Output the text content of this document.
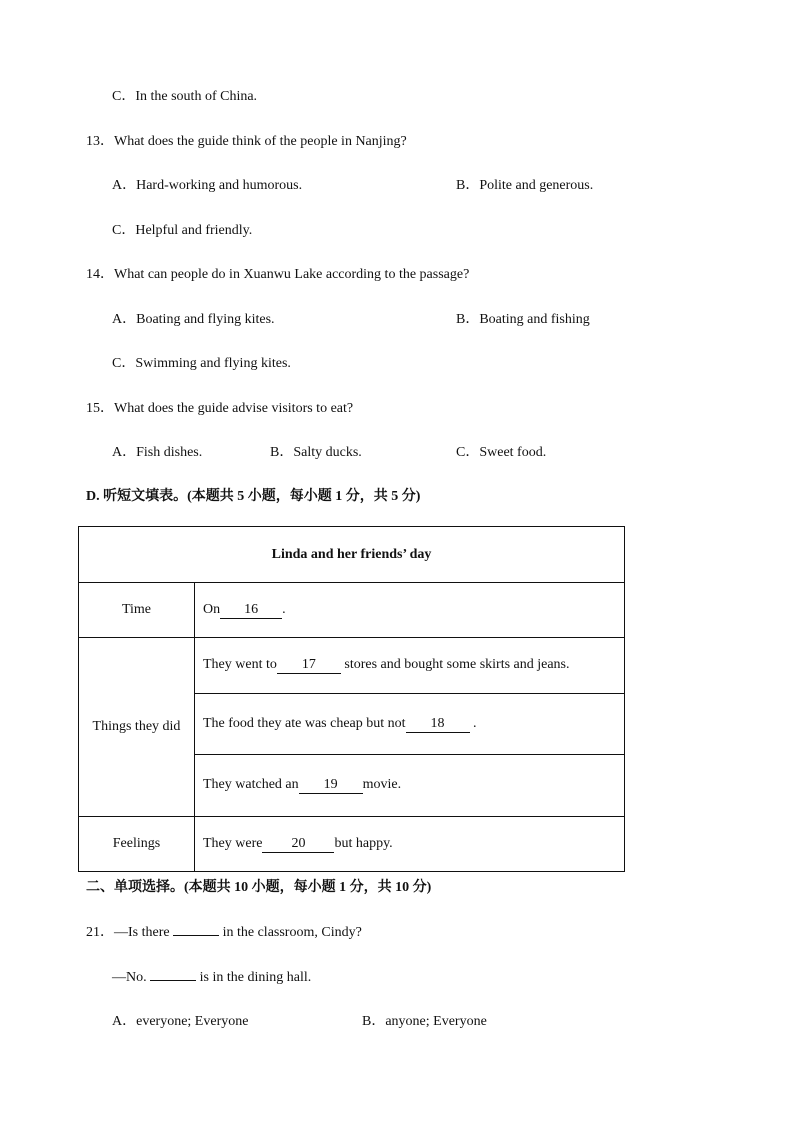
C．In the south of China.
13．What does the guide think of the people in Nanjing?
A．Hard-working and humorous.	B．Polite and generous.
C．Helpful and friendly.
14．What can people do in Xuanwu Lake according to the passage?
A．Boating and flying kites.	B．Boating and fishing
C．Swimming and flying kites.
15．What does the guide advise visitors to eat?
A．Fish dishes.	B．Salty ducks.	C．Sweet food.
D. 听短文填表。(本题共 5 小题，每小题 1 分，共 5 分)
Linda and her friends’ day	
Time	On 16 .
Things they did	They went to 17 stores and bought some skirts and jeans.
	The food they ate was cheap but not 18 .
	They watched an 19 movie.
Feelings	They were 20 but happy.
二、单项选择。(本题共 10 小题，每小题 1 分，共 10 分)
21．—Is there	in the classroom, Cindy?
—No.	is in the dining hall.
A．everyone; Everyone	B．anyone; Everyone
